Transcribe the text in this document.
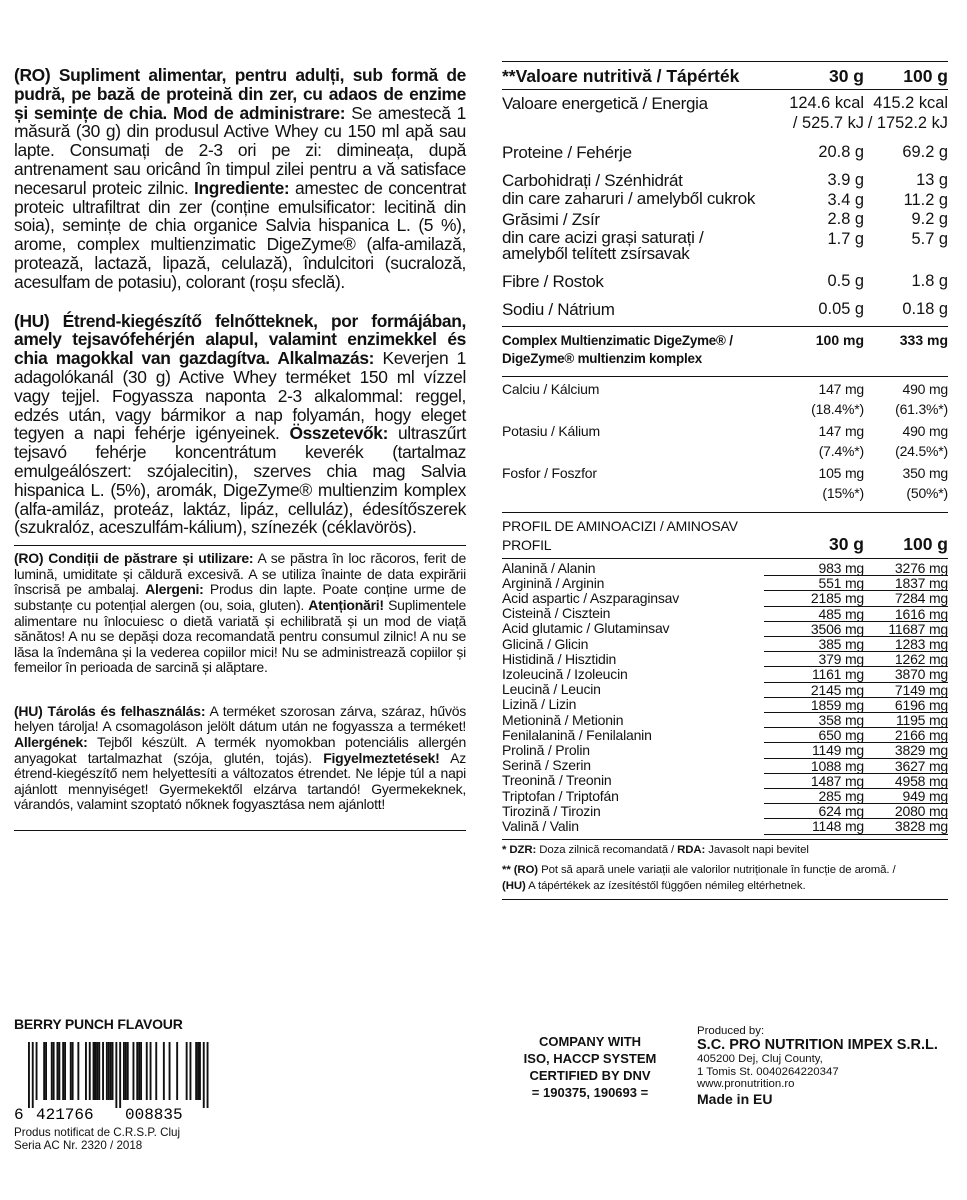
(RO) Supliment alimentar, pentru adulți, sub formă de pudră, pe bază de proteină din zer, cu adaos de enzime și semințe de chia. Mod de administrare: Se amestecă 1 măsură (30 g) din produsul Active Whey cu 150 ml apă sau lapte. Consumați de 2-3 ori pe zi: dimineața, după antrenament sau oricând în timpul zilei pentru a vă satisface necesarul proteic zilnic. Ingrediente: amestec de concentrat proteic ultrafiltrat din zer (conține emulsificator: lecitină din soia), semințe de chia organice Salvia hispanica L. (5 %), arome, complex multienzimatic DigeZyme® (alfa-amilază, protează, lactază, lipază, celulază), îndulcitori (sucraloză, acesulfam de potasiu), colorant (roșu sfeclă).

(HU) Étrend-kiegészítő felnőtteknek, por formájában, amely tejsavófehérjén alapul, valamint enzimekkel és chia magokkal van gazdagítva. Alkalmazás: Keverjen 1 adagolókanál (30 g) Active Whey terméket 150 ml vízzel vagy tejjel. Fogyassza naponta 2-3 alkalommal: reggel, edzés után, vagy bármikor a nap folyamán, hogy eleget tegyen a napi fehérje igényeinek. Összetevők: ultraszűrt tejsavó fehérje koncentrátum keverék (tartalmaz emulgeálószert: szójalecitin), szerves chia mag Salvia hispanica L. (5%), aromák, DigeZyme® multienzim komplex (alfa-amiláz, proteáz, laktáz, lipáz, celluláz), édesítőszerek (szukralóz, aceszulfám-kálium), színezék (céklavörös).

(RO) Condiții de păstrare și utilizare: A se păstra în loc răcoros, ferit de lumină, umiditate și căldură excesivă. A se utiliza înainte de data expirării înscrisă pe ambalaj. Alergeni: Produs din lapte. Poate conține urme de substanțe cu potențial alergen (ou, soia, gluten). Atenționări! Suplimentele alimentare nu înlocuiesc o dietă variată și echilibrată și un mod de viață sănătos! A nu se depăși doza recomandată pentru consumul zilnic! A nu se lăsa la îndemâna și la vederea copiilor mici! Nu se administrează copiilor și femeilor în perioada de sarcină și alăptare.

(HU) Tárolás és felhasználás: A terméket szorosan zárva, száraz, hűvös helyen tárolja! A csomagoláson jelölt dátum után ne fogyassza a terméket! Allergének: Tejből készült. A termék nyomokban potenciális allergén anyagokat tartalmazhat (szója, glutén, tojás). Figyelmeztetések! Az étrend-kiegészítő nem helyettesíti a változatos étrendet. Ne lépje túl a napi ajánlott mennyiséget! Gyermekektől elzárva tartandó! Gyermekeknek, várandós, valamint szoptató nőknek fogyasztása nem ajánlott!

**Valoare nutritivă / Tápérték	30 g	100 g
Valoare energetică / Energia	124.6 kcal	415.2 kcal
	/ 525.7 kJ	/ 1752.2 kJ

Proteine / Fehérje	20.8 g	69.2 g

Carbohidrați / Szénhidrát	3.9 g	13 g
din care zaharuri / amelyből cukrok	3.4 g	11.2 g
Grăsimi / Zsír	2.8 g	9.2 g
din care acizi grași saturați / amelyből telített zsírsavak	1.7 g	5.7 g

Fibre / Rostok	0.5 g	1.8 g

Sodiu / Nátrium	0.05 g	0.18 g
Complex Multienzimatic DigeZyme® /
DigeZyme® multienzim komplex	100 mg	333 mg
Calciu / Kálcium	147 mg	490 mg
	(18.4%*)	(61.3%*)
Potasiu / Kálium	147 mg	490 mg
	(7.4%*)	(24.5%*)
Fosfor / Foszfor	105 mg	350 mg
	(15%*)	(50%*)
PROFIL DE AMINOACIZI / AMINOSAV
PROFIL	30 g	100 g
Alanină / Alanin	983 mg	3276 mg
Arginină / Arginin	551 mg	1837 mg
Acid aspartic / Aszparaginsav	2185 mg	7284 mg
Cisteină / Cisztein	485 mg	1616 mg
Acid glutamic / Glutaminsav	3506 mg	11687 mg
Glicină / Glicin	385 mg	1283 mg
Histidină / Hisztidin	379 mg	1262 mg
Izoleucină / Izoleucin	1161 mg	3870 mg
Leucină / Leucin	2145 mg	7149 mg
Lizină / Lizin	1859 mg	6196 mg
Metionină / Metionin	358 mg	1195 mg
Fenilalanină / Fenilalanin	650 mg	2166 mg
Prolină / Prolin	1149 mg	3829 mg
Serină / Szerin	1088 mg	3627 mg
Treonină / Treonin	1487 mg	4958 mg
Triptofan / Triptofán	285 mg	949 mg
Tirozină / Tirozin	624 mg	2080 mg
Valină / Valin	1148 mg	3828 mg

* DZR: Doza zilnică recomandată / RDA: Javasolt napi bevitel

** (RO) Pot să apară unele variații ale valorilor nutriționale în funcție de aromă. /

(HU) A tápértékek az ízesítéstől függően némileg eltérhetnek.

BERRY PUNCH FLAVOUR
6 421766 008835
Produs notificat de C.R.S.P. Cluj
Seria AC Nr. 2320 / 2018
COMPANY WITH
ISO, HACCP SYSTEM
CERTIFIED BY DNV
= 190375, 190693 =
Produced by:
S.C. PRO NUTRITION IMPEX S.R.L.
405200 Dej, Cluj County,
1 Tomis St. 0040264220347
www.pronutrition.ro
Made in EU
